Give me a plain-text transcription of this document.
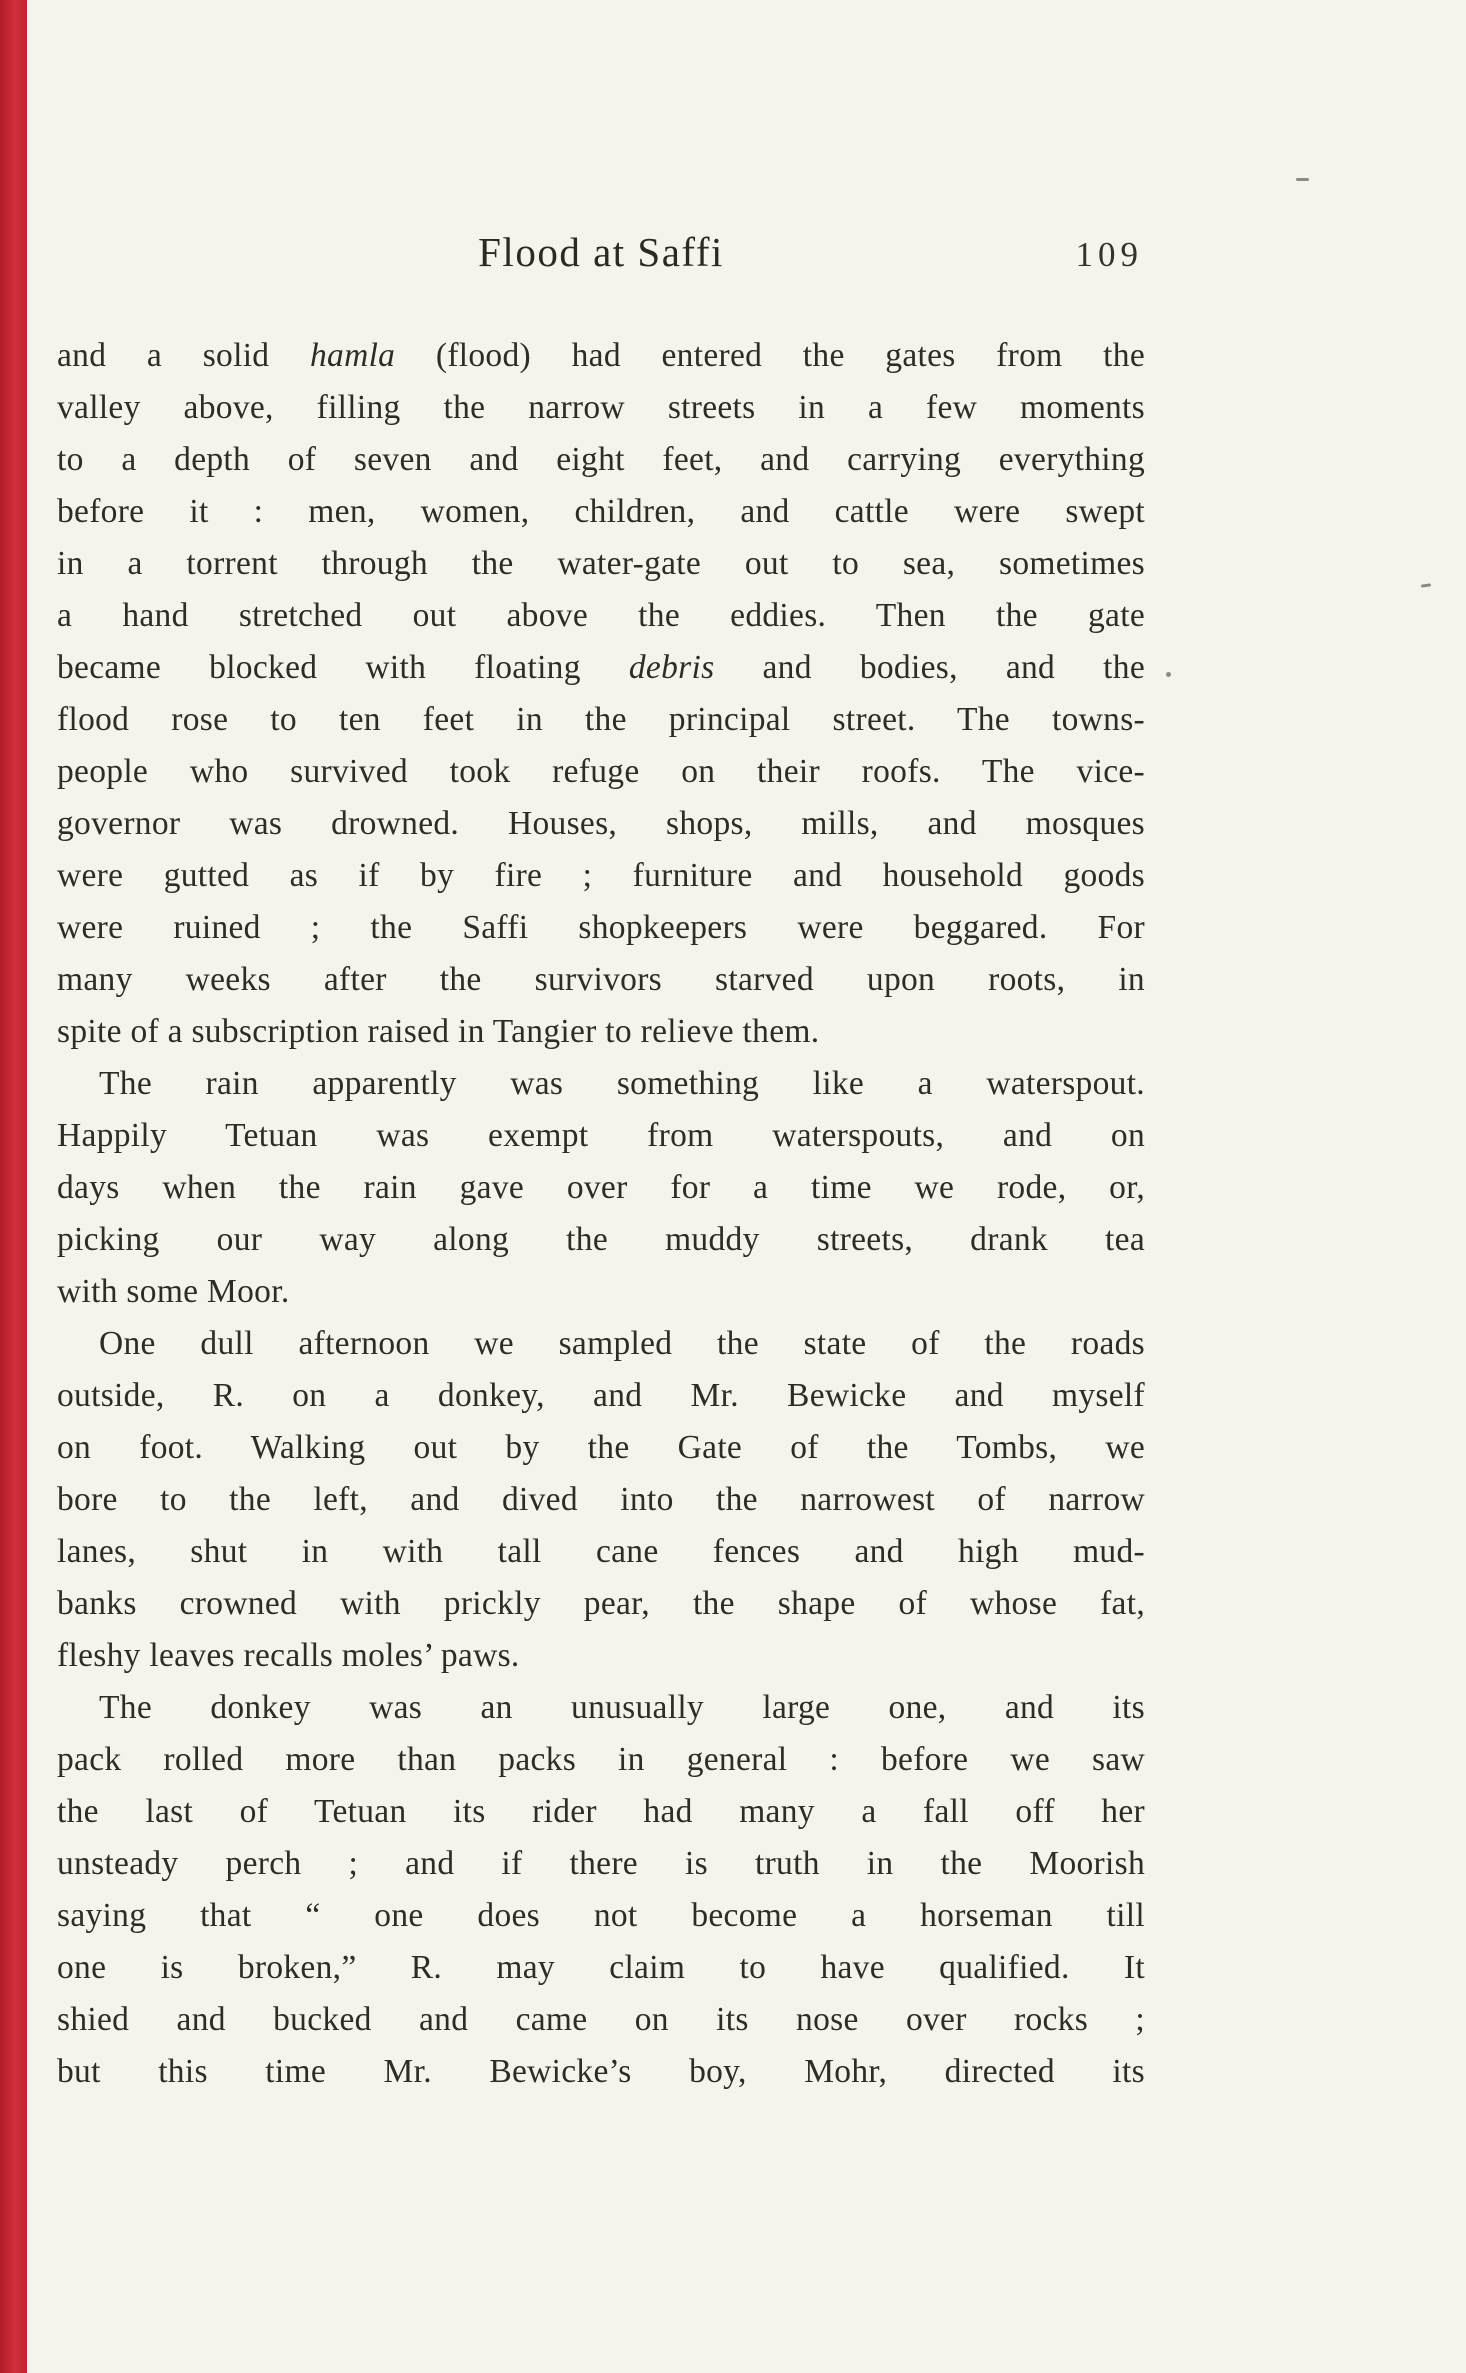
Flood at Saffi	109
and a solid hamla (flood) had entered the gates from the
valley above, filling the narrow streets in a few moments
to a depth of seven and eight feet, and carrying everything
before it : men, women, children, and cattle were swept
in a torrent through the water-gate out to sea, sometimes
a hand stretched out above the eddies. Then the gate
became blocked with floating debris and bodies, and the
flood rose to ten feet in the principal street. The towns-
people who survived took refuge on their roofs. The vice-
governor was drowned. Houses, shops, mills, and mosques
were gutted as if by fire ; furniture and household goods
were ruined ; the Saffi shopkeepers were beggared. For
many weeks after the survivors starved upon roots, in
spite of a subscription raised in Tangier to relieve them.
The rain apparently was something like a waterspout.
Happily Tetuan was exempt from waterspouts, and on
days when the rain gave over for a time we rode, or,
picking our way along the muddy streets, drank tea
with some Moor.
One dull afternoon we sampled the state of the roads
outside, R. on a donkey, and Mr. Bewicke and myself
on foot. Walking out by the Gate of the Tombs, we
bore to the left, and dived into the narrowest of narrow
lanes, shut in with tall cane fences and high mud-
banks crowned with prickly pear, the shape of whose fat,
fleshy leaves recalls moles’ paws.
The donkey was an unusually large one, and its
pack rolled more than packs in general : before we saw
the last of Tetuan its rider had many a fall off her
unsteady perch ; and if there is truth in the Moorish
saying that “ one does not become a horseman till
one is broken,” R. may claim to have qualified. It
shied and bucked and came on its nose over rocks ;
but this time Mr. Bewicke’s boy, Mohr, directed its
